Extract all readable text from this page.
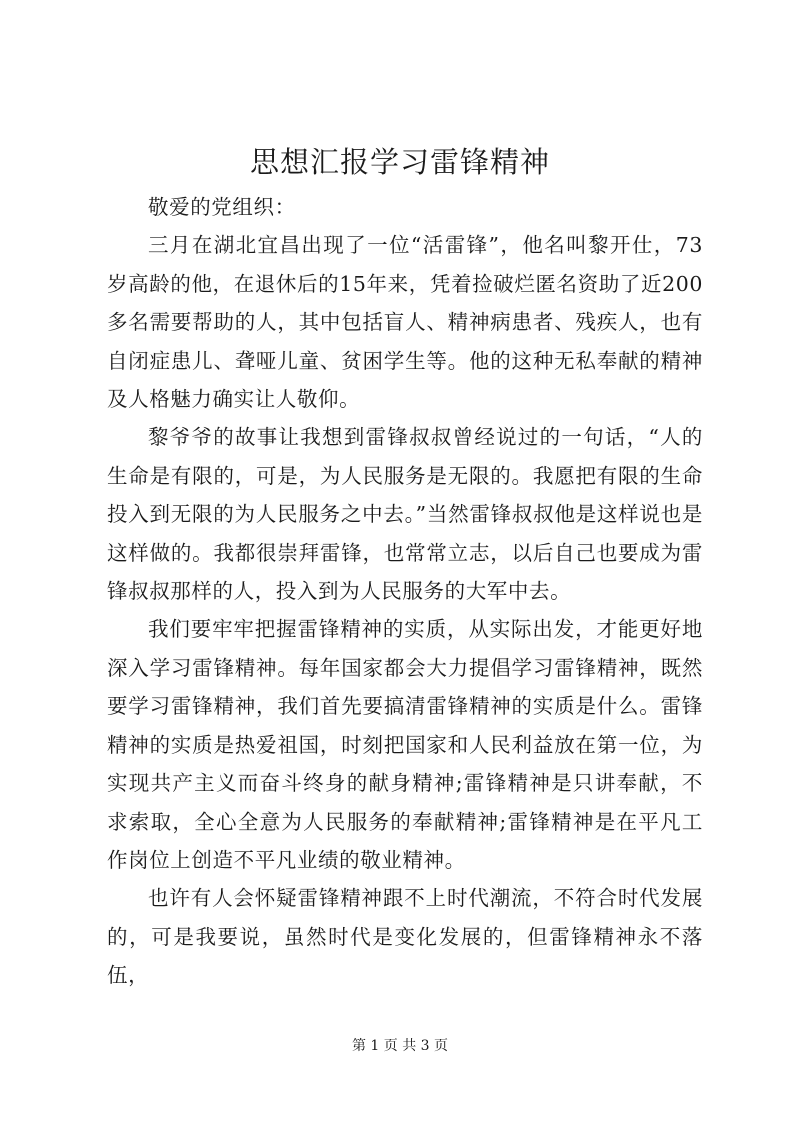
思想汇报学习雷锋精神

敬爱的党组织：

三月在湖北宜昌出现了一位“活雷锋”，他名叫黎开仕，73岁高龄的他，在退休后的15年来，凭着捡破烂匿名资助了近200多名需要帮助的人，其中包括盲人、精神病患者、残疾人，也有自闭症患儿、聋哑儿童、贫困学生等。他的这种无私奉献的精神及人格魅力确实让人敬仰。

黎爷爷的故事让我想到雷锋叔叔曾经说过的一句话，“人的生命是有限的，可是，为人民服务是无限的。我愿把有限的生命投入到无限的为人民服务之中去。”当然雷锋叔叔他是这样说也是这样做的。我都很崇拜雷锋，也常常立志，以后自己也要成为雷锋叔叔那样的人，投入到为人民服务的大军中去。

我们要牢牢把握雷锋精神的实质，从实际出发，才能更好地深入学习雷锋精神。每年国家都会大力提倡学习雷锋精神，既然要学习雷锋精神，我们首先要搞清雷锋精神的实质是什么。雷锋精神的实质是热爱祖国，时刻把国家和人民利益放在第一位，为实现共产主义而奋斗终身的献身精神;雷锋精神是只讲奉献，不求索取，全心全意为人民服务的奉献精神;雷锋精神是在平凡工作岗位上创造不平凡业绩的敬业精神。

也许有人会怀疑雷锋精神跟不上时代潮流，不符合时代发展的，可是我要说，虽然时代是变化发展的，但雷锋精神永不落伍，

第 1 页 共 3 页
